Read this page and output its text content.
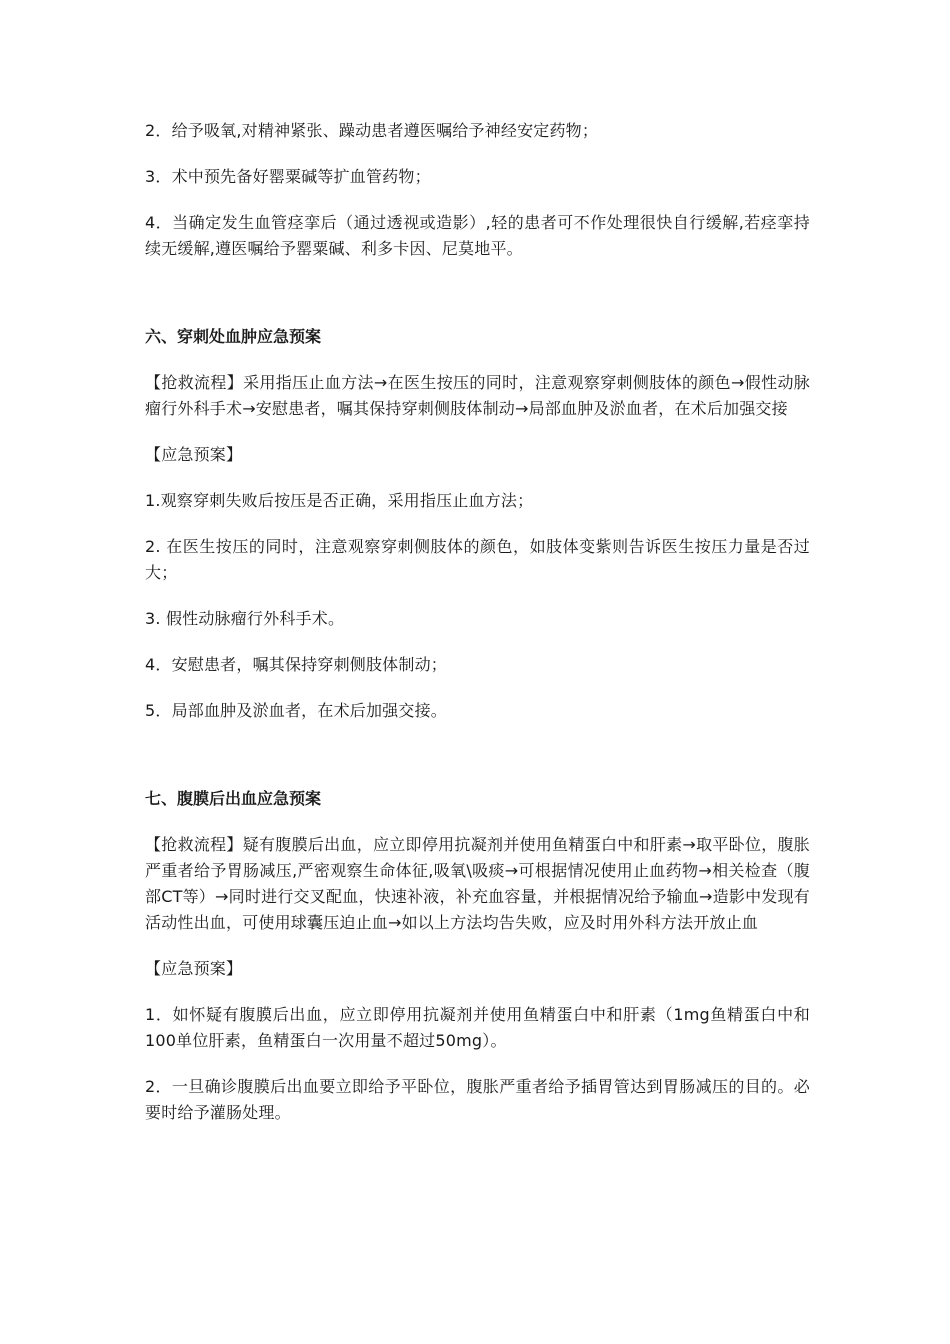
2．给予吸氧,对精神紧张、躁动患者遵医嘱给予神经安定药物；

3．术中预先备好罂粟碱等扩血管药物；

4．当确定发生血管痉挛后（通过透视或造影）,轻的患者可不作处理很快自行缓解,若痉挛持续无缓解,遵医嘱给予罂粟碱、利多卡因、尼莫地平。

六、穿刺处血肿应急预案

【抢救流程】采用指压止血方法→在医生按压的同时，注意观察穿刺侧肢体的颜色→假性动脉瘤行外科手术→安慰患者，嘱其保持穿刺侧肢体制动→局部血肿及淤血者，在术后加强交接

【应急预案】

1.观察穿刺失败后按压是否正确，采用指压止血方法；

2. 在医生按压的同时，注意观察穿刺侧肢体的颜色，如肢体变紫则告诉医生按压力量是否过大；

3. 假性动脉瘤行外科手术。

4．安慰患者，嘱其保持穿刺侧肢体制动；

5．局部血肿及淤血者，在术后加强交接。

七、腹膜后出血应急预案

【抢救流程】疑有腹膜后出血，应立即停用抗凝剂并使用鱼精蛋白中和肝素→取平卧位，腹胀严重者给予胃肠减压,严密观察生命体征,吸氧\吸痰→可根据情况使用止血药物→相关检查（腹部CT等）→同时进行交叉配血，快速补液，补充血容量，并根据情况给予输血→造影中发现有活动性出血，可使用球囊压迫止血→如以上方法均告失败，应及时用外科方法开放止血

【应急预案】

1．如怀疑有腹膜后出血，应立即停用抗凝剂并使用鱼精蛋白中和肝素（1mg鱼精蛋白中和100单位肝素，鱼精蛋白一次用量不超过50mg）。

2．一旦确诊腹膜后出血要立即给予平卧位，腹胀严重者给予插胃管达到胃肠减压的目的。必要时给予灌肠处理。
